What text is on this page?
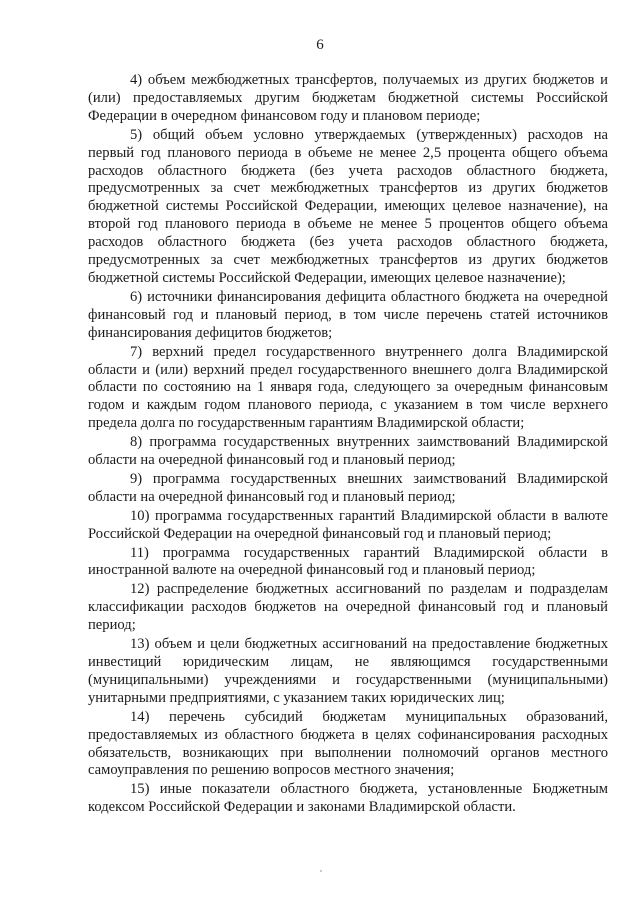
6

4) объем межбюджетных трансфертов, получаемых из других бюджетов и (или) предоставляемых другим бюджетам бюджетной системы Российской Федерации в очередном финансовом году и плановом периоде;

5) общий объем условно утверждаемых (утвержденных) расходов на первый год планового периода в объеме не менее 2,5 процента общего объема расходов областного бюджета (без учета расходов областного бюджета, предусмотренных за счет межбюджетных трансфертов из других бюджетов бюджетной системы Российской Федерации, имеющих целевое назначение), на второй год планового периода в объеме не менее 5 процентов общего объема расходов областного бюджета (без учета расходов областного бюджета, предусмотренных за счет межбюджетных трансфертов из других бюджетов бюджетной системы Российской Федерации, имеющих целевое назначение);

6) источники финансирования дефицита областного бюджета на очередной финансовый год и плановый период, в том числе перечень статей источников финансирования дефицитов бюджетов;

7) верхний предел государственного внутреннего долга Владимирской области и (или) верхний предел государственного внешнего долга Владимирской области по состоянию на 1 января года, следующего за очередным финансовым годом и каждым годом планового периода, с указанием в том числе верхнего предела долга по государственным гарантиям Владимирской области;

8) программа государственных внутренних заимствований Владимирской области на очередной финансовый год и плановый период;

9) программа государственных внешних заимствований Владимирской области на очередной финансовый год и плановый период;

10) программа государственных гарантий Владимирской области в валюте Российской Федерации на очередной финансовый год и плановый период;

11) программа государственных гарантий Владимирской области в иностранной валюте на очередной финансовый год и плановый период;

12) распределение бюджетных ассигнований по разделам и подразделам классификации расходов бюджетов на очередной финансовый год и плановый период;

13) объем и цели бюджетных ассигнований на предоставление бюджетных инвестиций юридическим лицам, не являющимся государственными (муниципальными) учреждениями и государственными (муниципальными) унитарными предприятиями, с указанием таких юридических лиц;

14) перечень субсидий бюджетам муниципальных образований, предоставляемых из областного бюджета в целях софинансирования расходных обязательств, возникающих при выполнении полномочий органов местного самоуправления по решению вопросов местного значения;

15) иные показатели областного бюджета, установленные Бюджетным кодексом Российской Федерации и законами Владимирской области.
